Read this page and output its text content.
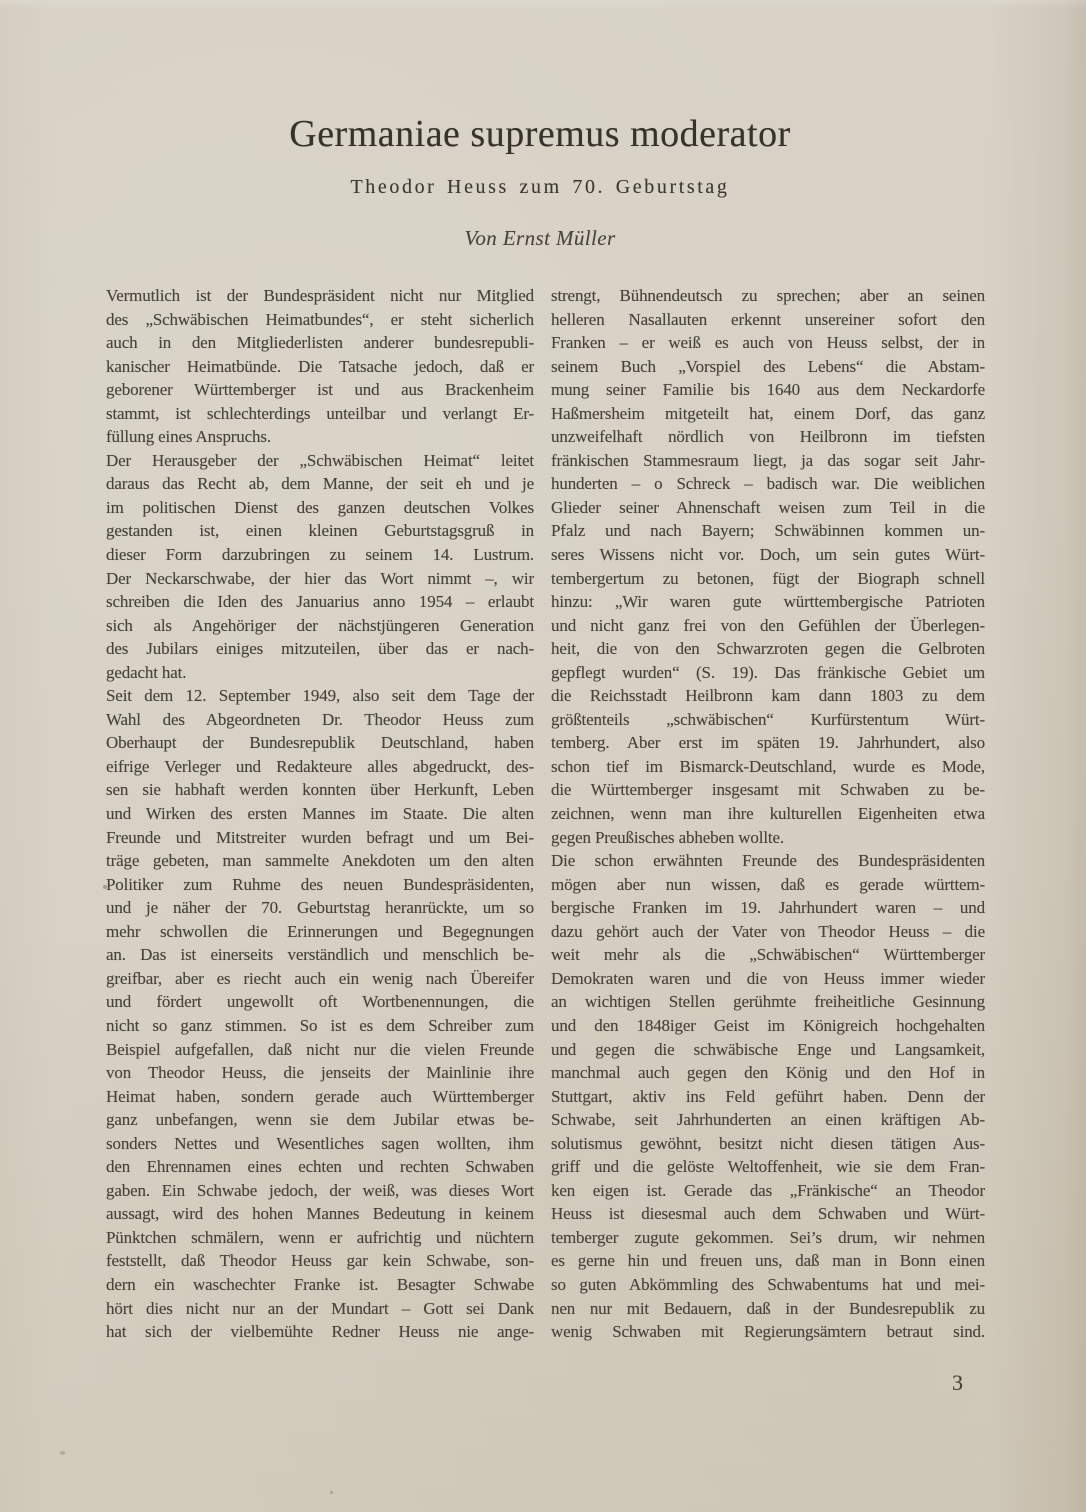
Germaniae supremus moderator
Theodor Heuss zum 70. Geburtstag
Von Ernst Müller
Vermutlich ist der Bundespräsident nicht nur Mitglied
des „Schwäbischen Heimatbundes“, er steht sicherlich
auch in den Mitgliederlisten anderer bundesrepubli-
kanischer Heimatbünde. Die Tatsache jedoch, daß er
geborener Württemberger ist und aus Brackenheim
stammt, ist schlechterdings unteilbar und verlangt Er-
füllung eines Anspruchs.
Der Herausgeber der „Schwäbischen Heimat“ leitet
daraus das Recht ab, dem Manne, der seit eh und je
im politischen Dienst des ganzen deutschen Volkes
gestanden ist, einen kleinen Geburtstagsgruß in
dieser Form darzubringen zu seinem 14. Lustrum.
Der Neckarschwabe, der hier das Wort nimmt –, wir
schreiben die Iden des Januarius anno 1954 – erlaubt
sich als Angehöriger der nächstjüngeren Generation
des Jubilars einiges mitzuteilen, über das er nach-
gedacht hat.
Seit dem 12. September 1949, also seit dem Tage der
Wahl des Abgeordneten Dr. Theodor Heuss zum
Oberhaupt der Bundesrepublik Deutschland, haben
eifrige Verleger und Redakteure alles abgedruckt, des-
sen sie habhaft werden konnten über Herkunft, Leben
und Wirken des ersten Mannes im Staate. Die alten
Freunde und Mitstreiter wurden befragt und um Bei-
träge gebeten, man sammelte Anekdoten um den alten
Politiker zum Ruhme des neuen Bundespräsidenten,
und je näher der 70. Geburtstag heranrückte, um so
mehr schwollen die Erinnerungen und Begegnungen
an. Das ist einerseits verständlich und menschlich be-
greifbar, aber es riecht auch ein wenig nach Übereifer
und fördert ungewollt oft Wortbenennungen, die
nicht so ganz stimmen. So ist es dem Schreiber zum
Beispiel aufgefallen, daß nicht nur die vielen Freunde
von Theodor Heuss, die jenseits der Mainlinie ihre
Heimat haben, sondern gerade auch Württemberger
ganz unbefangen, wenn sie dem Jubilar etwas be-
sonders Nettes und Wesentliches sagen wollten, ihm
den Ehrennamen eines echten und rechten Schwaben
gaben. Ein Schwabe jedoch, der weiß, was dieses Wort
aussagt, wird des hohen Mannes Bedeutung in keinem
Pünktchen schmälern, wenn er aufrichtig und nüchtern
feststellt, daß Theodor Heuss gar kein Schwabe, son-
dern ein waschechter Franke ist. Besagter Schwabe
hört dies nicht nur an der Mundart – Gott sei Dank
hat sich der vielbemühte Redner Heuss nie ange-
strengt, Bühnendeutsch zu sprechen; aber an seinen
helleren Nasallauten erkennt unsereiner sofort den
Franken – er weiß es auch von Heuss selbst, der in
seinem Buch „Vorspiel des Lebens“ die Abstam-
mung seiner Familie bis 1640 aus dem Neckardorfe
Haßmersheim mitgeteilt hat, einem Dorf, das ganz
unzweifelhaft nördlich von Heilbronn im tiefsten
fränkischen Stammesraum liegt, ja das sogar seit Jahr-
hunderten – o Schreck – badisch war. Die weiblichen
Glieder seiner Ahnenschaft weisen zum Teil in die
Pfalz und nach Bayern; Schwäbinnen kommen un-
seres Wissens nicht vor. Doch, um sein gutes Würt-
tembergertum zu betonen, fügt der Biograph schnell
hinzu: „Wir waren gute württembergische Patrioten
und nicht ganz frei von den Gefühlen der Überlegen-
heit, die von den Schwarzroten gegen die Gelbroten
gepflegt wurden“ (S. 19). Das fränkische Gebiet um
die Reichsstadt Heilbronn kam dann 1803 zu dem
größtenteils „schwäbischen“ Kurfürstentum Würt-
temberg. Aber erst im späten 19. Jahrhundert, also
schon tief im Bismarck-Deutschland, wurde es Mode,
die Württemberger insgesamt mit Schwaben zu be-
zeichnen, wenn man ihre kulturellen Eigenheiten etwa
gegen Preußisches abheben wollte.
Die schon erwähnten Freunde des Bundespräsidenten
mögen aber nun wissen, daß es gerade württem-
bergische Franken im 19. Jahrhundert waren – und
dazu gehört auch der Vater von Theodor Heuss – die
weit mehr als die „Schwäbischen“ Württemberger
Demokraten waren und die von Heuss immer wieder
an wichtigen Stellen gerühmte freiheitliche Gesinnung
und den 1848iger Geist im Königreich hochgehalten
und gegen die schwäbische Enge und Langsamkeit,
manchmal auch gegen den König und den Hof in
Stuttgart, aktiv ins Feld geführt haben. Denn der
Schwabe, seit Jahrhunderten an einen kräftigen Ab-
solutismus gewöhnt, besitzt nicht diesen tätigen Aus-
griff und die gelöste Weltoffenheit, wie sie dem Fran-
ken eigen ist. Gerade das „Fränkische“ an Theodor
Heuss ist diesesmal auch dem Schwaben und Würt-
temberger zugute gekommen. Sei’s drum, wir nehmen
es gerne hin und freuen uns, daß man in Bonn einen
so guten Abkömmling des Schwabentums hat und mei-
nen nur mit Bedauern, daß in der Bundesrepublik zu
wenig Schwaben mit Regierungsämtern betraut sind.
3
